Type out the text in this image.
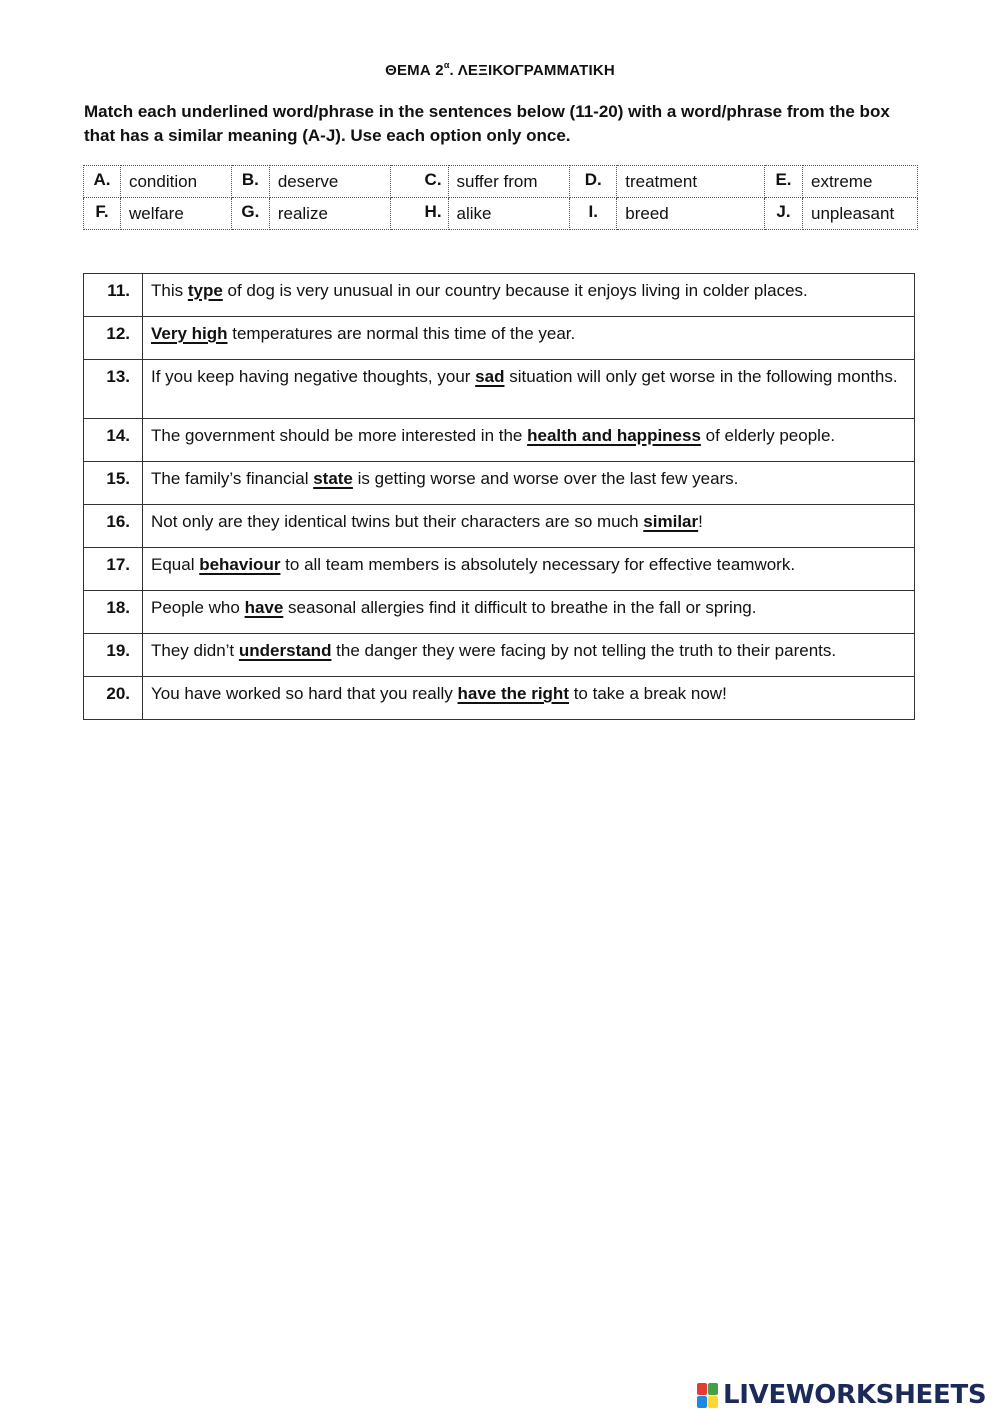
ΘΕΜΑ $2^\alpha$. ΛΕΞΙΚΟΓΡΑΜΜΑΤΙΚΗ
Match each underlined word/phrase in the sentences below (11-20) with a word/phrase from the box that has a similar meaning (A-J). Use each option only once.
A.	condition	B.	deserve	C.	suffer from	D.	treatment	E.	extreme
F.	welfare	G.	realize	H.	alike	I.	breed	J.	unpleasant
11.	This type of dog is very unusual in our country because it enjoys living in colder places.
12.	Very high temperatures are normal this time of the year.
13.	If you keep having negative thoughts, your sad situation will only get worse in the following months.
14.	The government should be more interested in the health and happiness of elderly people.
15.	The family’s financial state is getting worse and worse over the last few years.
16.	Not only are they identical twins but their characters are so much similar!
17.	Equal behaviour to all team members is absolutely necessary for effective teamwork.
18.	People who have seasonal allergies find it difficult to breathe in the fall or spring.
19.	They didn’t understand the danger they were facing by not telling the truth to their parents.
20.	You have worked so hard that you really have the right to take a break now!
LIVEWORKSHEETS
